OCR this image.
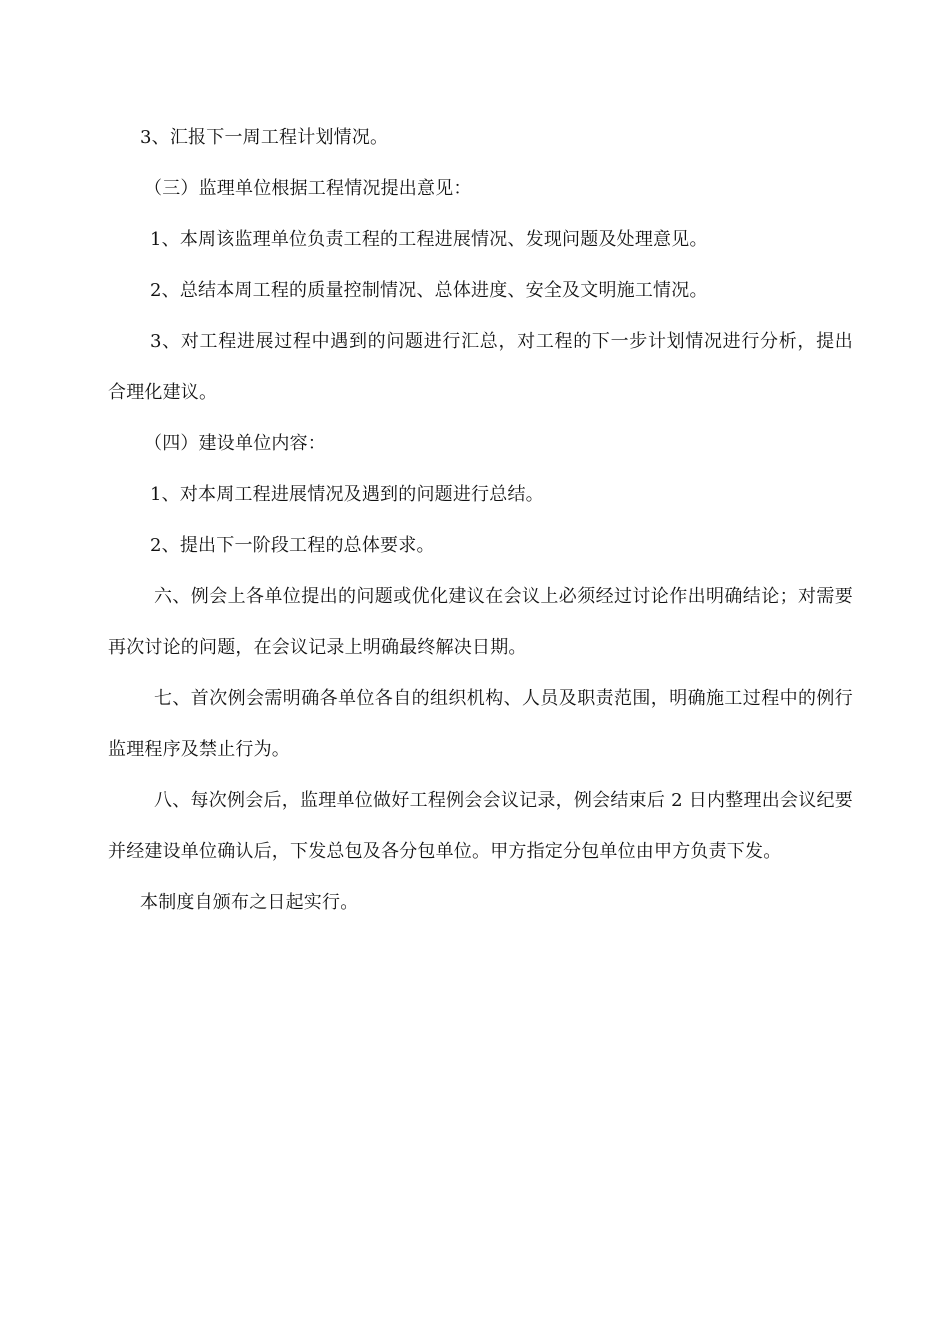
3、汇报下一周工程计划情况。

（三）监理单位根据工程情况提出意见：

1、本周该监理单位负责工程的工程进展情况、发现问题及处理意见。

2、总结本周工程的质量控制情况、总体进度、安全及文明施工情况。

3、对工程进展过程中遇到的问题进行汇总，对工程的下一步计划情况进行分析，提出合理化建议。

（四）建设单位内容：

1、对本周工程进展情况及遇到的问题进行总结。

2、提出下一阶段工程的总体要求。

六、例会上各单位提出的问题或优化建议在会议上必须经过讨论作出明确结论；对需要再次讨论的问题，在会议记录上明确最终解决日期。

七、首次例会需明确各单位各自的组织机构、人员及职责范围，明确施工过程中的例行监理程序及禁止行为。

八、每次例会后，监理单位做好工程例会会议记录，例会结束后 2 日内整理出会议纪要并经建设单位确认后，下发总包及各分包单位。甲方指定分包单位由甲方负责下发。

本制度自颁布之日起实行。
